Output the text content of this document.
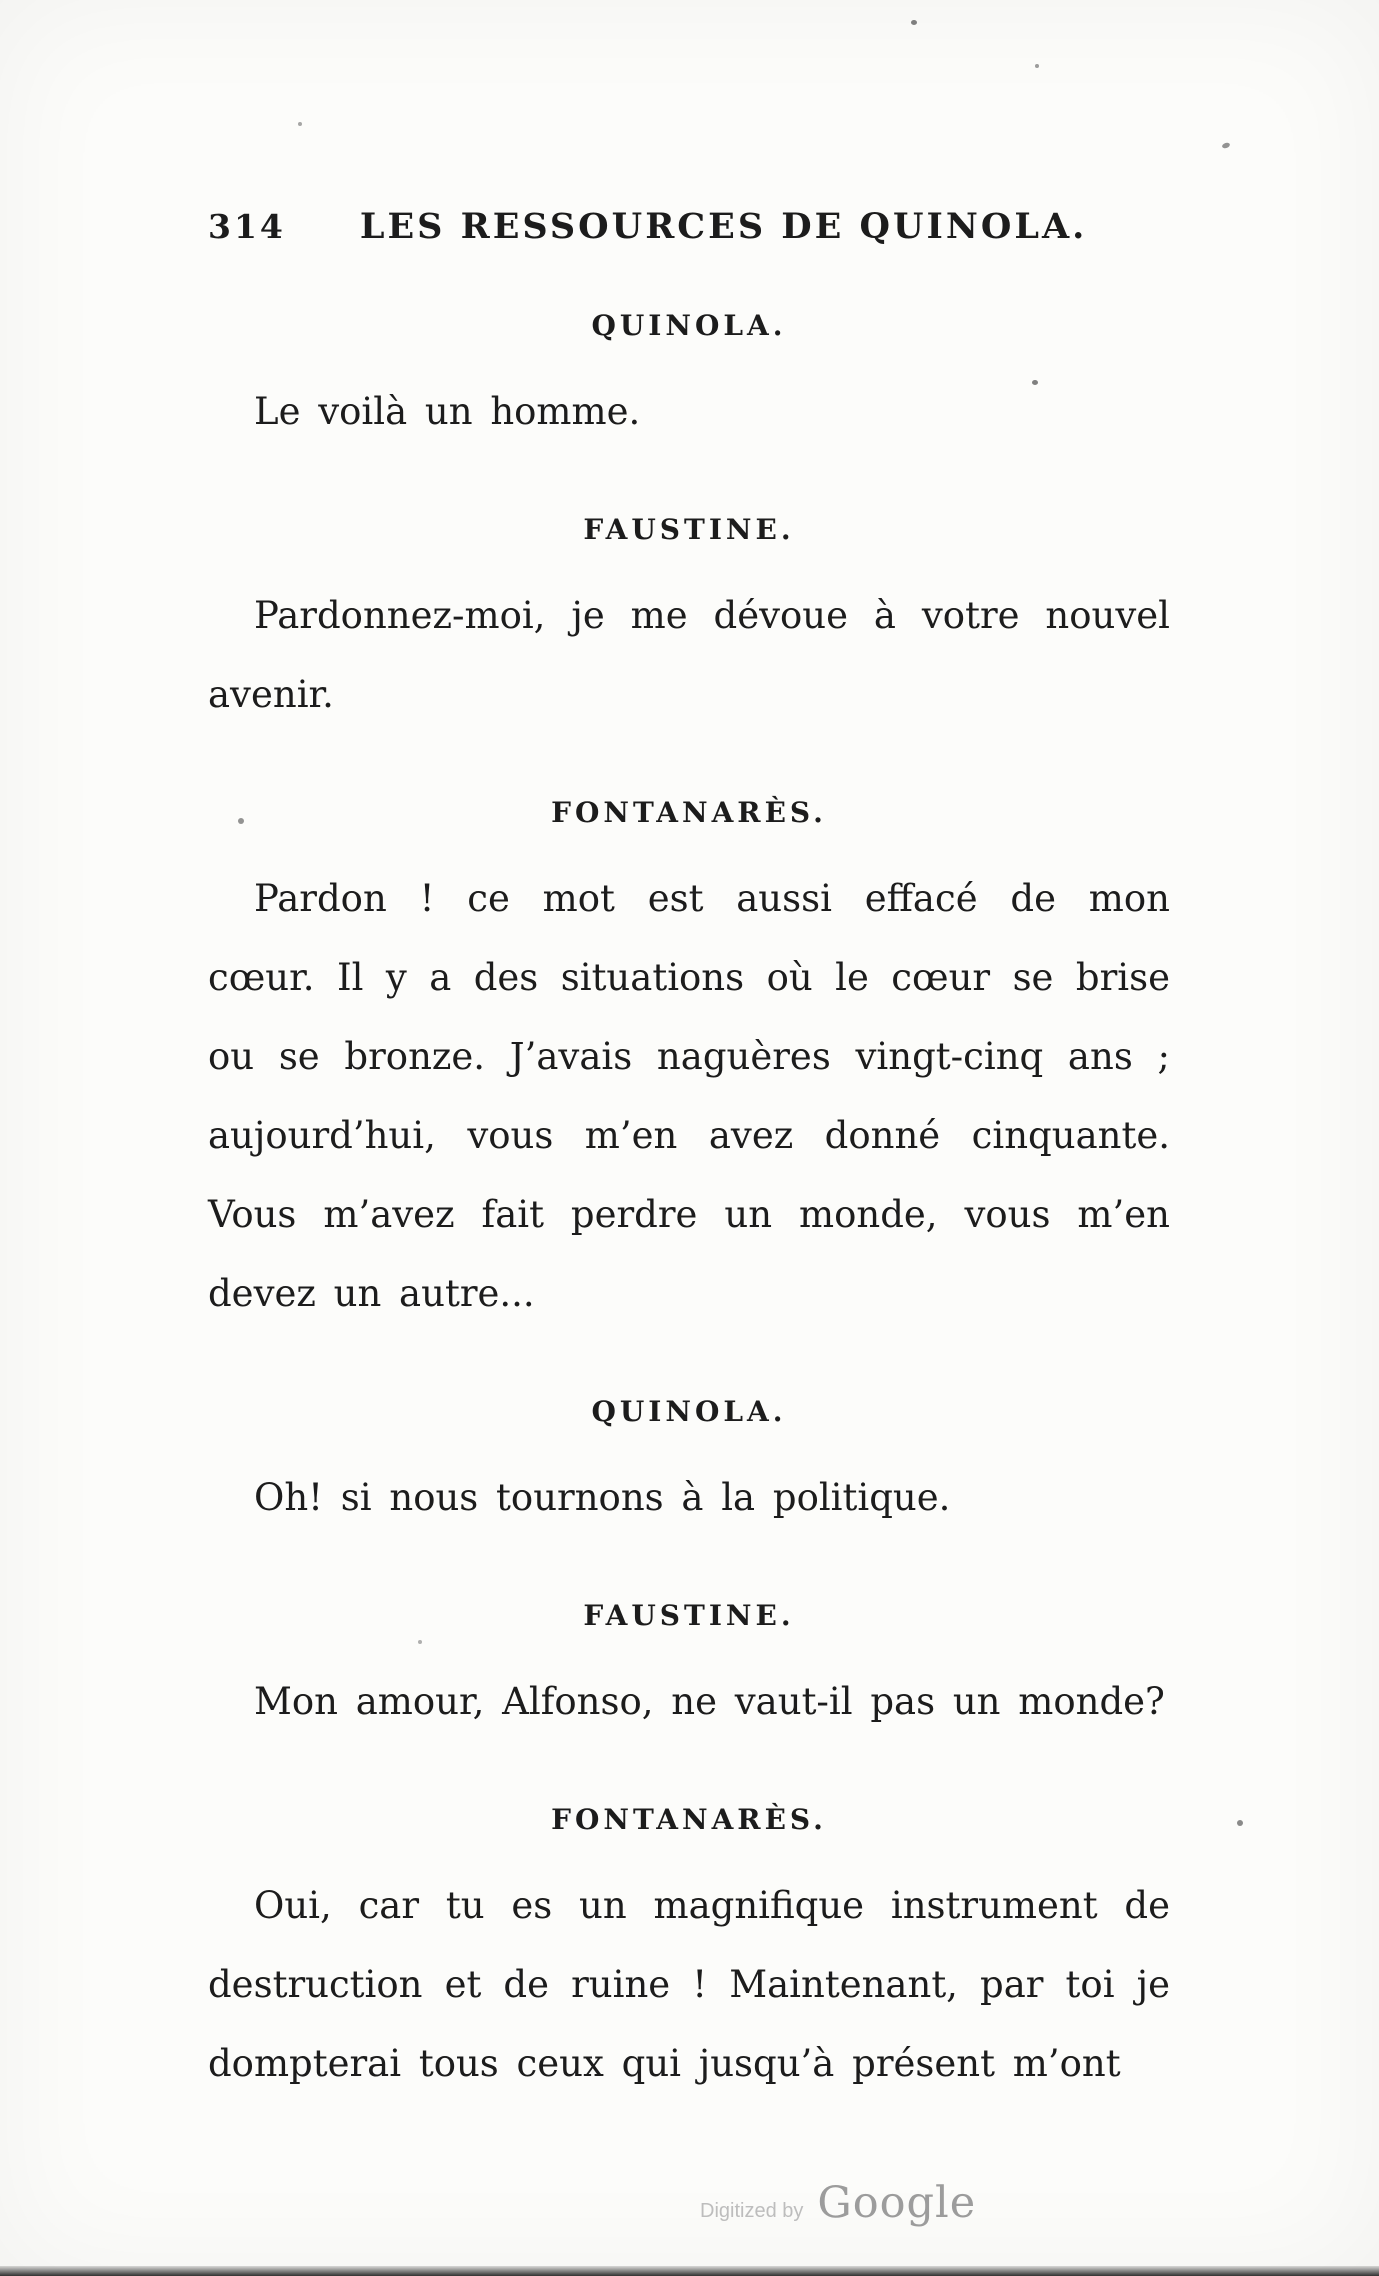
314 LES RESSOURCES DE QUINOLA.
QUINOLA.

Le voilà un homme.

FAUSTINE.

Pardonnez-moi, je me dévoue à votre nouvel avenir.

FONTANARÈS.

Pardon ! ce mot est aussi effacé de mon cœur. Il y a des situations où le cœur se brise ou se bronze. J’avais naguères vingt-cinq ans ; aujourd’hui, vous m’en avez donné cinquante. Vous m’avez fait perdre un monde, vous m’en devez un autre...

QUINOLA.

Oh! si nous tournons à la politique.

FAUSTINE.

Mon amour, Alfonso, ne vaut-il pas un monde?

FONTANARÈS.

Oui, car tu es un magnifique instrument de destruction et de ruine ! Maintenant, par toi je dompterai tous ceux qui jusqu’à présent m’ont

Digitized by Google
